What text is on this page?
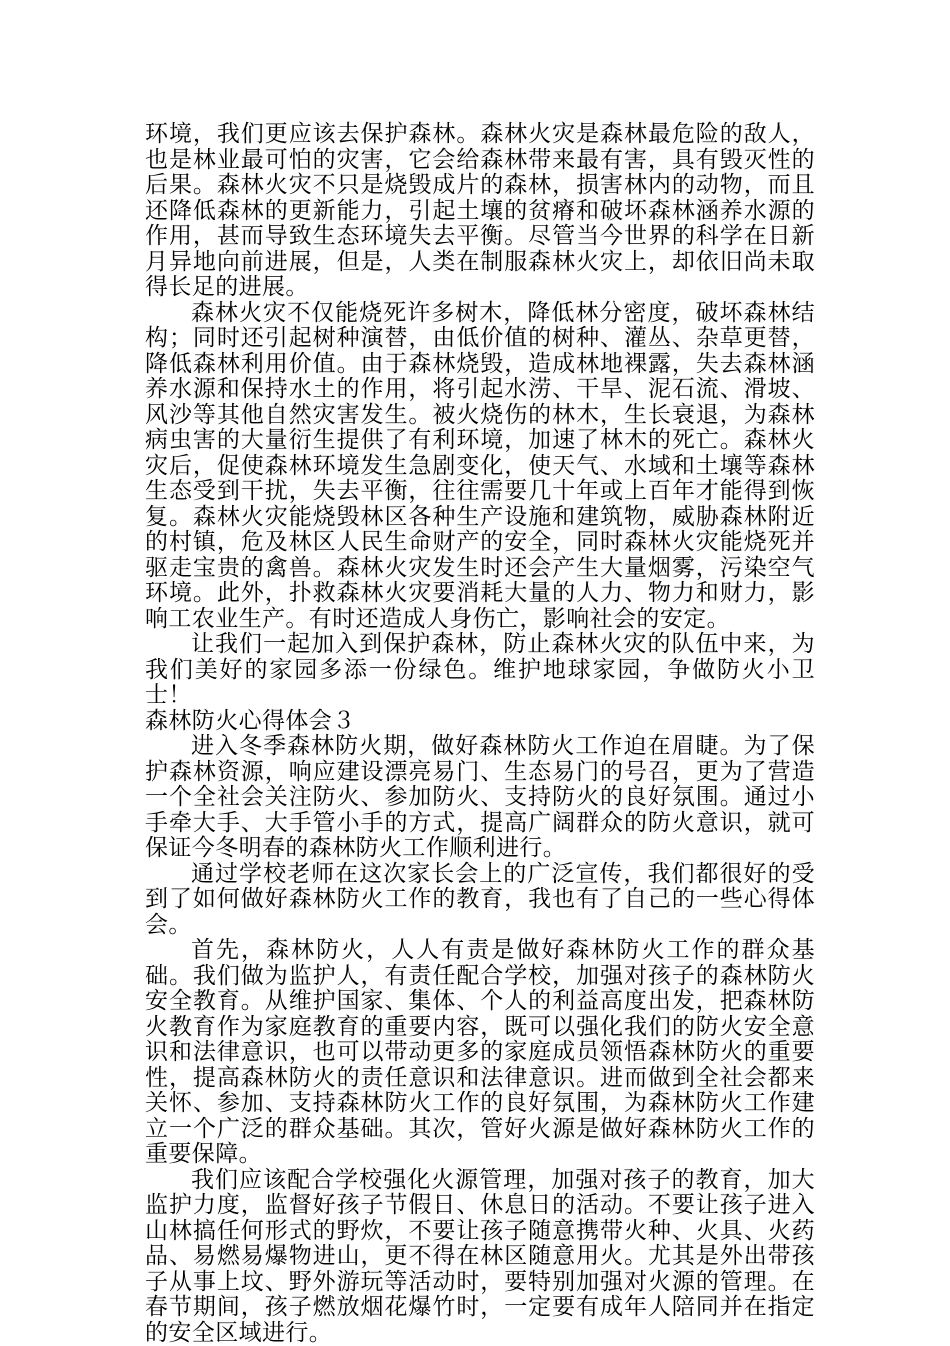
环境，我们更应该去保护森林。森林火灾是森林最危险的敌人，也是林业最可怕的灾害，它会给森林带来最有害，具有毁灭性的后果。森林火灾不只是烧毁成片的森林，损害林内的动物，而且还降低森林的更新能力，引起土壤的贫瘠和破坏森林涵养水源的作用，甚而导致生态环境失去平衡。尽管当今世界的科学在日新月异地向前进展，但是，人类在制服森林火灾上，却依旧尚未取得长足的进展。

森林火灾不仅能烧死许多树木，降低林分密度，破坏森林结构；同时还引起树种演替，由低价值的树种、灌丛、杂草更替，降低森林利用价值。由于森林烧毁，造成林地裸露，失去森林涵养水源和保持水土的作用，将引起水涝、干旱、泥石流、滑坡、风沙等其他自然灾害发生。被火烧伤的林木，生长衰退，为森林病虫害的大量衍生提供了有利环境，加速了林木的死亡。森林火灾后，促使森林环境发生急剧变化，使天气、水域和土壤等森林生态受到干扰，失去平衡，往往需要几十年或上百年才能得到恢复。森林火灾能烧毁林区各种生产设施和建筑物，威胁森林附近的村镇，危及林区人民生命财产的安全，同时森林火灾能烧死并驱走宝贵的禽兽。森林火灾发生时还会产生大量烟雾，污染空气环境。此外，扑救森林火灾要消耗大量的人力、物力和财力，影响工农业生产。有时还造成人身伤亡，影响社会的安定。

让我们一起加入到保护森林，防止森林火灾的队伍中来，为我们美好的家园多添一份绿色。维护地球家园，争做防火小卫士！

森林防火心得体会３

进入冬季森林防火期，做好森林防火工作迫在眉睫。为了保护森林资源，响应建设漂亮易门、生态易门的号召，更为了营造一个全社会关注防火、参加防火、支持防火的良好氛围。通过小手牵大手、大手管小手的方式，提高广阔群众的防火意识，就可保证今冬明春的森林防火工作顺利进行。

通过学校老师在这次家长会上的广泛宣传，我们都很好的受到了如何做好森林防火工作的教育，我也有了自己的一些心得体会。

首先，森林防火，人人有责是做好森林防火工作的群众基础。我们做为监护人，有责任配合学校，加强对孩子的森林防火安全教育。从维护国家、集体、个人的利益高度出发，把森林防火教育作为家庭教育的重要内容，既可以强化我们的防火安全意识和法律意识，也可以带动更多的家庭成员领悟森林防火的重要性，提高森林防火的责任意识和法律意识。进而做到全社会都来关怀、参加、支持森林防火工作的良好氛围，为森林防火工作建立一个广泛的群众基础。其次，管好火源是做好森林防火工作的重要保障。

我们应该配合学校强化火源管理，加强对孩子的教育，加大监护力度，监督好孩子节假日、休息日的活动。不要让孩子进入山林搞任何形式的野炊，不要让孩子随意携带火种、火具、火药品、易燃易爆物进山，更不得在林区随意用火。尤其是外出带孩子从事上坟、野外游玩等活动时，要特别加强对火源的管理。在春节期间，孩子燃放烟花爆竹时，一定要有成年人陪同并在指定的安全区域进行。
